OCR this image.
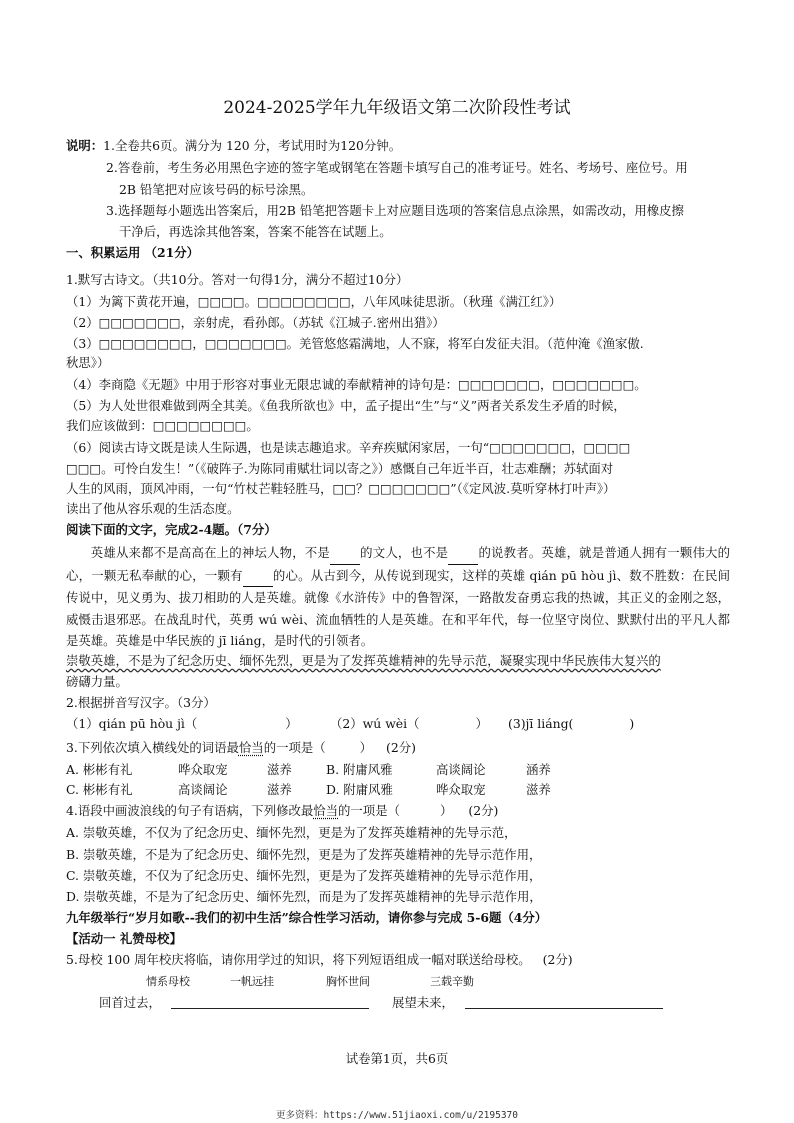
2024-2025学年九年级语文第二次阶段性考试
说明：1.全卷共6页。满分为 120 分，考试用时为120分钟。
2.答卷前，考生务必用黑色字迹的签字笔或钢笔在答题卡填写自己的准考证号。姓名、考场号、座位号。用
2B 铅笔把对应该号码的标号涂黑。
3.选择题每小题选出答案后，用2B 铅笔把答题卡上对应题目选项的答案信息点涂黑，如需改动，用橡皮擦
干净后，再选涂其他答案，答案不能答在试题上。
一、积累运用 （21分）
1.默写古诗文。（共10分。答对一句得1分，满分不超过10分）
（1）为篱下黄花开遍，□□□□。□□□□□□□□，八年风味徒思浙。（秋瑾《满江红》）
（2）□□□□□□□，亲射虎，看孙郎。（苏轼《江城子.密州出猎》）
（3）□□□□□□□□，□□□□□□□。羌管悠悠霜满地，人不寐，将军白发征夫泪。（范仲淹《渔家傲.
秋思》）
（4）李商隐《无题》中用于形容对事业无限忠诚的奉献精神的诗句是：□□□□□□□，□□□□□□□。
（5）为人处世很难做到两全其美。《鱼我所欲也》中，孟子提出“生”与“义”两者关系发生矛盾的时候，
我们应该做到：□□□□□□□□。
（6）阅读古诗文既是读人生际遇，也是读志趣追求。辛弃疾赋闲家居，一句“□□□□□□□，□□□□
□□□。可怜白发生！”（《破阵子.为陈同甫赋壮词以寄之》）感慨自己年近半百，壮志难酬；苏轼面对
人生的风雨，顶风冲雨，一句“竹杖芒鞋轻胜马，□□？□□□□□□□”（《定风波.莫听穿林打叶声》）
读出了他从容乐观的生活态度。
阅读下面的文字，完成2-4题。（7分）
英雄从来都不是高高在上的神坛人物，不是 的文人，也不是 的说教者。英雄，就是普通人拥有一颗伟大的心，一颗无私奉献的心，一颗有 的心。从古到今，从传说到现实，这样的英雄 qián pū hòu jì、数不胜数：在民间传说中，见义勇为、拔刀相助的人是英雄。就像《水浒传》中的鲁智深，一路散发奋勇忘我的热诚，其正义的金刚之怒，威慑击退邪恶。在战乱时代，英勇 wú wèi、流血牺牲的人是英雄。在和平年代，每一位坚守岗位、默默付出的平凡人都是英雄。英雄是中华民族的 jī liáng，是时代的引领者。
崇敬英雄，不是为了纪念历史、缅怀先烈，更是为了发挥英雄精神的先导示范，凝聚实现中华民族伟大复兴的
磅礴力量。
2.根据拼音写汉字。（3分）
（1）qián pū hòu jì（	）	（2）wú wèi（	） (3)jī liáng(	)
3.下列依次填入横线处的词语最恰当的一项是（	） (2分)
A. 彬彬有礼	哗众取宠	滋养	B. 附庸风雅	高谈阔论	涵养
C. 彬彬有礼	高谈阔论	滋养	D. 附庸风雅	哗众取宠	滋养
4.语段中画波浪线的句子有语病，下列修改最恰当的一项是（	） (2分)
A. 崇敬英雄，不仅为了纪念历史、缅怀先烈，更是为了发挥英雄精神的先导示范，
B. 崇敬英雄，不是为了纪念历史、缅怀先烈，更是为了发挥英雄精神的先导示范作用，
C. 崇敬英雄，不仅为了纪念历史、缅怀先烈，更是为了发挥英雄精神的先导示范作用，
D. 崇敬英雄，不是为了纪念历史、缅怀先烈，而是为了发挥英雄精神的先导示范作用，
九年级举行“岁月如歌--我们的初中生活”综合性学习活动，请你参与完成 5-6题（4分）
【活动一 礼赞母校】
5.母校 100 周年校庆将临，请你用学过的知识，将下列短语组成一幅对联送给母校。 (2分)
情系母校	一帆远挂	胸怀世间	三载辛勤
回首过去，	展望未来，
试卷第1页，共6页
更多资料：https://www.51jiaoxi.com/u/2195370
